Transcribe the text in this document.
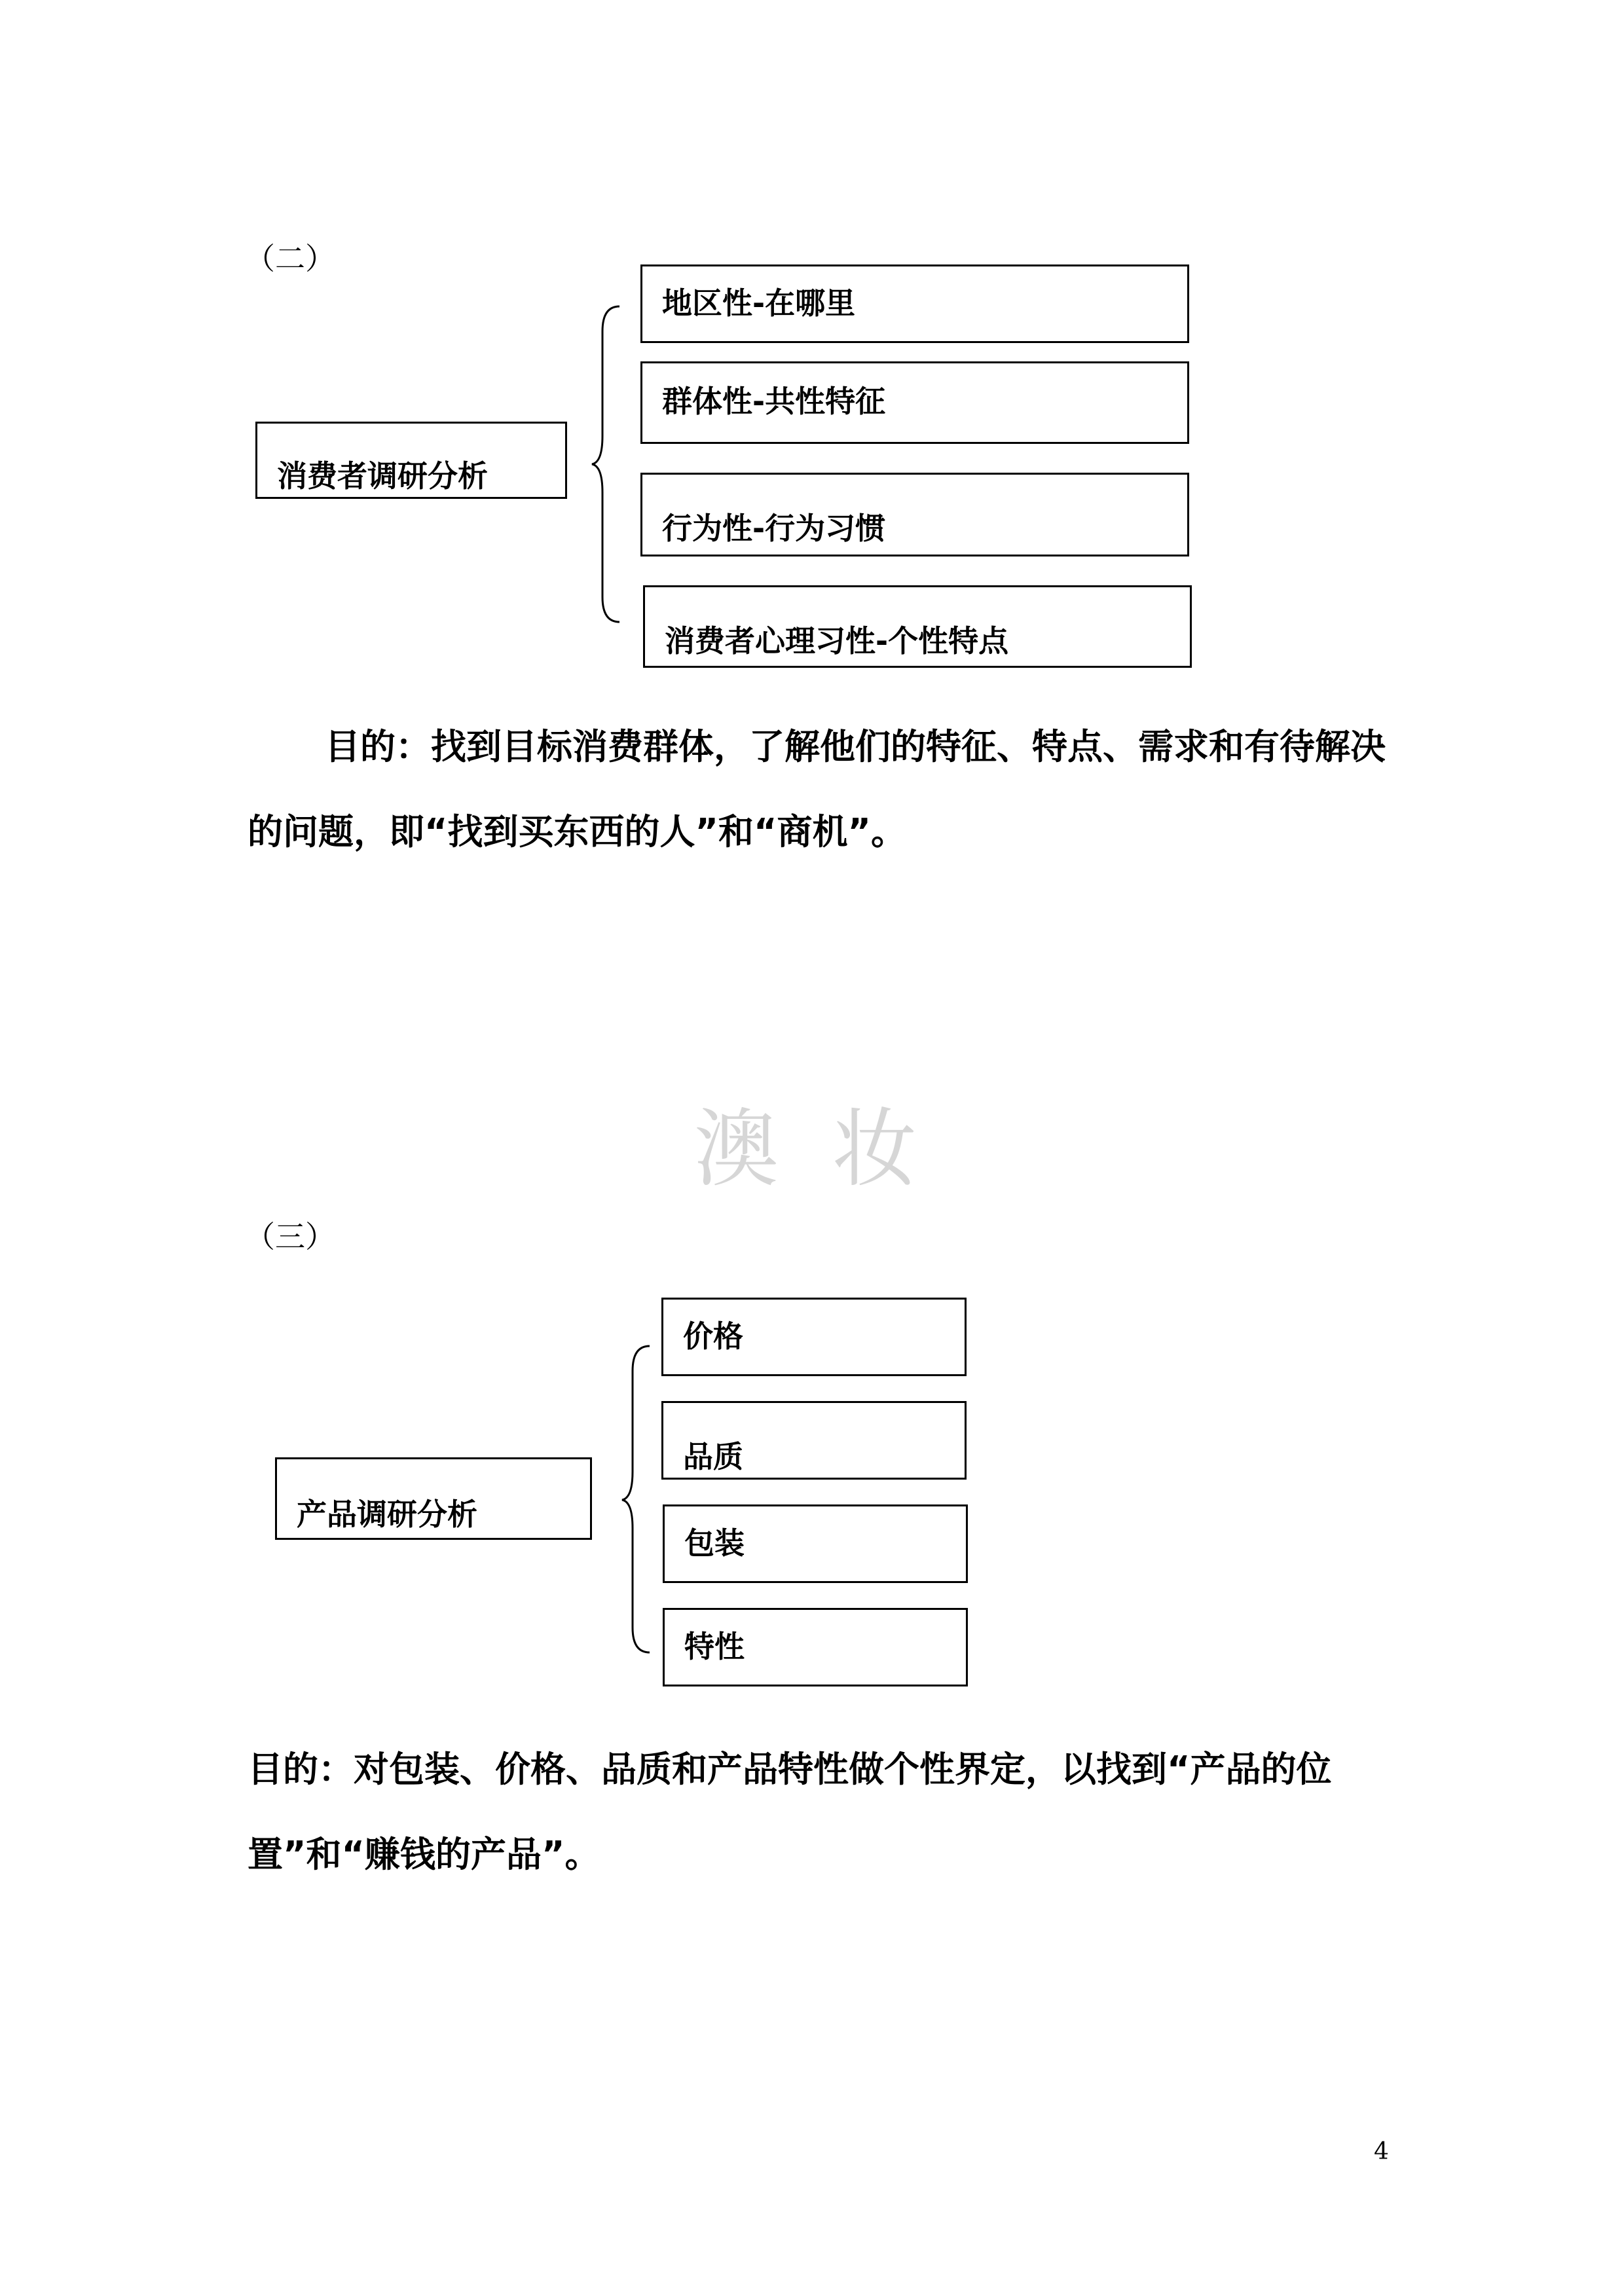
（二）
消费者调研分析
地区性-在哪里
群体性-共性特征
行为性-行为习惯
消费者心理习性-个性特点

目的：找到目标消费群体，了解他们的特征、特点、需求和有待解决的问题，即“找到买东西的人”和“商机”。

澳 妆
（三）
产品调研分析
价格
品质
包装
特性

目的：对包装、价格、品质和产品特性做个性界定，以找到“产品的位置”和“赚钱的产品”。

4
